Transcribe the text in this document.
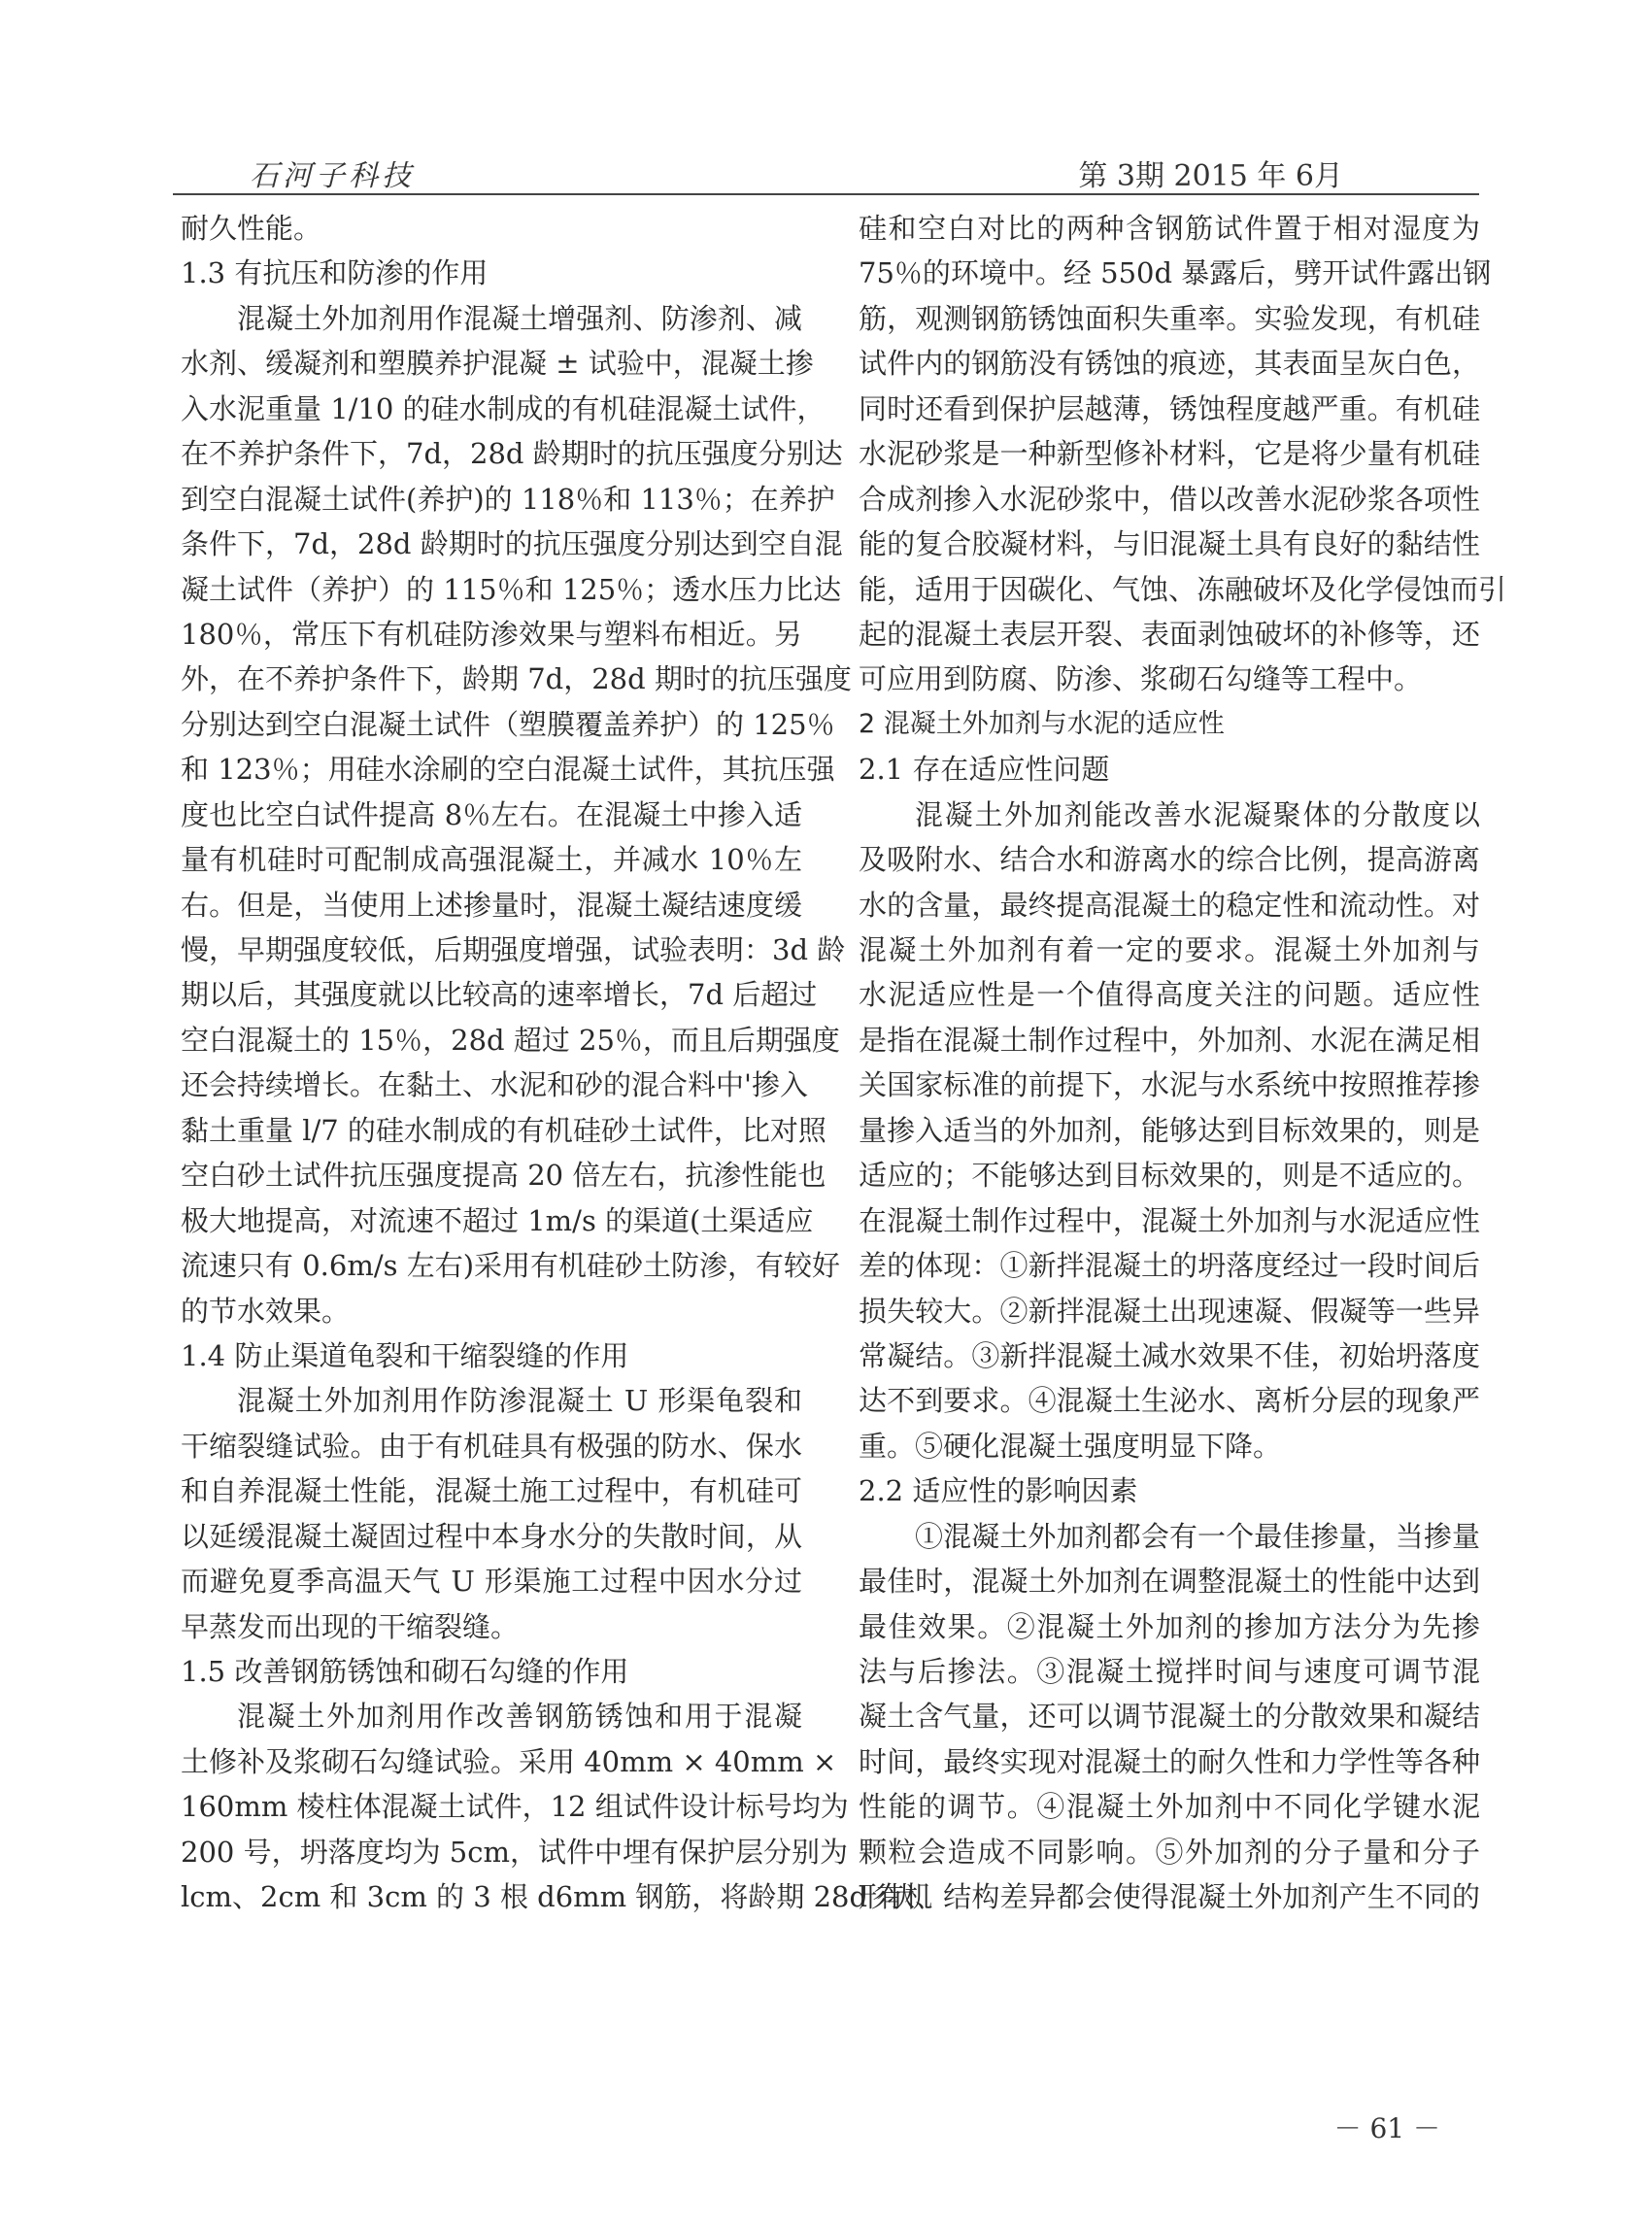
石河子科技	第 3期 2015 年 6月
耐久性能。
1.3 有抗压和防渗的作用
混凝土外加剂用作混凝土增强剂、防渗剂、减
水剂、缓凝剂和塑膜养护混凝 ± 试验中，混凝土掺
入水泥重量 1/10 的硅水制成的有机硅混凝土试件，
在不养护条件下，7d，28d 龄期时的抗压强度分别达
到空白混凝土试件(养护)的 118％和 113％；在养护
条件下，7d，28d 龄期时的抗压强度分别达到空自混
凝土试件（养护）的 115％和 125％；透水压力比达
180％，常压下有机硅防渗效果与塑料布相近。另
外，在不养护条件下，龄期 7d，28d 期时的抗压强度
分别达到空白混凝土试件（塑膜覆盖养护）的 125％
和 123％；用硅水涂刷的空白混凝土试件，其抗压强
度也比空白试件提高 8％左右。在混凝土中掺入适
量有机硅时可配制成高强混凝土，并减水 10％左
右。但是，当使用上述掺量时，混凝土凝结速度缓
慢，早期强度较低，后期强度增强，试验表明：3d 龄
期以后，其强度就以比较高的速率增长，7d 后超过
空白混凝土的 15％，28d 超过 25％，而且后期强度
还会持续增长。在黏土、水泥和砂的混合料中'掺入
黏土重量 l/7 的硅水制成的有机硅砂土试件，比对照
空白砂土试件抗压强度提高 20 倍左右，抗渗性能也
极大地提高，对流速不超过 1m/s 的渠道(土渠适应
流速只有 0.6m/s 左右)采用有机硅砂土防渗，有较好
的节水效果。
1.4 防止渠道龟裂和干缩裂缝的作用
混凝土外加剂用作防渗混凝土 U 形渠龟裂和
干缩裂缝试验。由于有机硅具有极强的防水、保水
和自养混凝土性能，混凝土施工过程中，有机硅可
以延缓混凝土凝固过程中本身水分的失散时间，从
而避免夏季高温天气 U 形渠施工过程中因水分过
早蒸发而出现的干缩裂缝。
1.5 改善钢筋锈蚀和砌石勾缝的作用
混凝土外加剂用作改善钢筋锈蚀和用于混凝
土修补及浆砌石勾缝试验。采用 40mm × 40mm ×
160mm 棱柱体混凝土试件，12 组试件设计标号均为
200 号，坍落度均为 5cm，试件中埋有保护层分别为
lcm、2cm 和 3cm 的 3 根 d6mm 钢筋，将龄期 28d 有机
硅和空白对比的两种含钢筋试件置于相对湿度为
75％的环境中。经 550d 暴露后，劈开试件露出钢
筋，观测钢筋锈蚀面积失重率。实验发现，有机硅
试件内的钢筋没有锈蚀的痕迹，其表面呈灰白色，
同时还看到保护层越薄，锈蚀程度越严重。有机硅
水泥砂浆是一种新型修补材料，它是将少量有机硅
合成剂掺入水泥砂浆中，借以改善水泥砂浆各项性
能的复合胶凝材料，与旧混凝土具有良好的黏结性
能，适用于因碳化、气蚀、冻融破坏及化学侵蚀而引
起的混凝土表层开裂、表面剥蚀破坏的补修等，还
可应用到防腐、防渗、浆砌石勾缝等工程中。
2 混凝土外加剂与水泥的适应性
2.1 存在适应性问题
混凝土外加剂能改善水泥凝聚体的分散度以
及吸附水、结合水和游离水的综合比例，提高游离
水的含量，最终提高混凝土的稳定性和流动性。对
混凝土外加剂有着一定的要求。混凝土外加剂与
水泥适应性是一个值得高度关注的问题。适应性
是指在混凝土制作过程中，外加剂、水泥在满足相
关国家标准的前提下，水泥与水系统中按照推荐掺
量掺入适当的外加剂，能够达到目标效果的，则是
适应的；不能够达到目标效果的，则是不适应的。
在混凝土制作过程中，混凝土外加剂与水泥适应性
差的体现：①新拌混凝土的坍落度经过一段时间后
损失较大。②新拌混凝土出现速凝、假凝等一些异
常凝结。③新拌混凝土减水效果不佳，初始坍落度
达不到要求。④混凝土生泌水、离析分层的现象严
重。⑤硬化混凝土强度明显下降。
2.2 适应性的影响因素
①混凝土外加剂都会有一个最佳掺量，当掺量
最佳时，混凝土外加剂在调整混凝土的性能中达到
最佳效果。②混凝土外加剂的掺加方法分为先掺
法与后掺法。③混凝土搅拌时间与速度可调节混
凝土含气量，还可以调节混凝土的分散效果和凝结
时间，最终实现对混凝土的耐久性和力学性等各种
性能的调节。④混凝土外加剂中不同化学键水泥
颗粒会造成不同影响。⑤外加剂的分子量和分子
形状、结构差异都会使得混凝土外加剂产生不同的
－ 61 －
